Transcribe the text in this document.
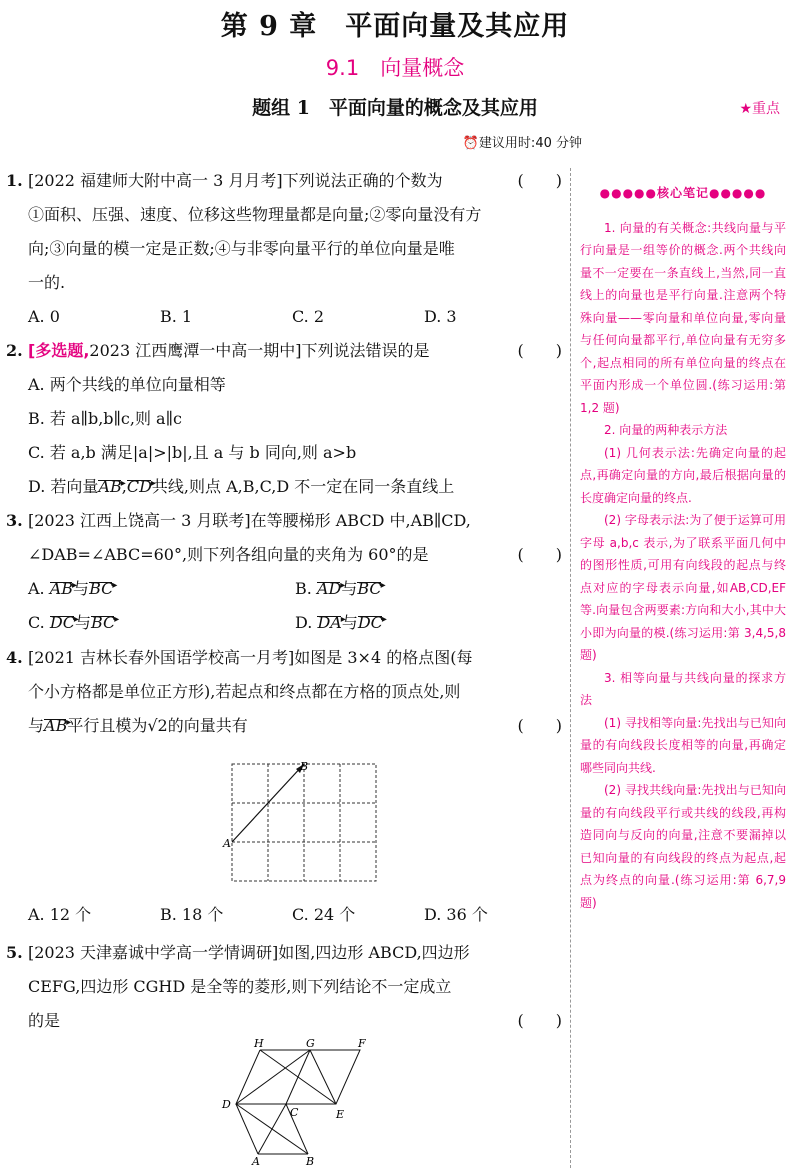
第 9 章　平面向量及其应用
9.1　向量概念
题组 1　平面向量的概念及其应用	★重点
⏰建议用时:40 分钟
1. [2022 福建师大附中高一 3 月月考]下列说法正确的个数为	(　　)
①面积、压强、速度、位移这些物理量都是向量;②零向量没有方
向;③向量的模一定是正数;④与非零向量平行的单位向量是唯
一的.
A. 0	B. 1	C. 2	D. 3
2. [多选题,2023 江西鹰潭一中高一期中]下列说法错误的是	(　　)
A. 两个共线的单位向量相等
B. 若 a∥b,b∥c,则 a∥c
C. 若 a,b 满足|a|>|b|,且 a 与 b 同向,则 a>b
D. 若向量AB ▸,CD ▸共线,则点 A,B,C,D 不一定在同一条直线上
3. [2023 江西上饶高一 3 月联考]在等腰梯形 ABCD 中,AB∥CD,
∠DAB=∠ABC=60°,则下列各组向量的夹角为 60°的是	(　　)
A. AB ▸与BC ▸	B. AD ▸与BC ▸
C. DC ▸与BC ▸	D. DA ▸与DC ▸
4. [2021 吉林长春外国语学校高一月考]如图是 3×4 的格点图(每
个小方格都是单位正方形),若起点和终点都在方格的顶点处,则
与AB ▸平行且模为√2的向量共有	(　　)
A
B
A. 12 个	B. 18 个	C. 24 个	D. 36 个
5. [2023 天津嘉诚中学高一学情调研]如图,四边形 ABCD,四边形
CEFG,四边形 CGHD 是全等的菱形,则下列结论不一定成立
的是	(　　)
H	G	F
D
C	E
A	B
●●●●●核心笔记●●●●●

1. 向量的有关概念:共线向量与平行向量是一组等价的概念.两个共线向量不一定要在一条直线上,当然,同一直线上的向量也是平行向量.注意两个特殊向量——零向量和单位向量,零向量与任何向量都平行,单位向量有无穷多个,起点相同的所有单位向量的终点在平面内形成一个单位圆.(练习运用:第 1,2 题)

2. 向量的两种表示方法

(1) 几何表示法:先确定向量的起点,再确定向量的方向,最后根据向量的长度确定向量的终点.

(2) 字母表示法:为了便于运算可用字母 a,b,c 表示,为了联系平面几何中的图形性质,可用有向线段的起点与终点对应的字母表示向量,如AB,CD,EF等.向量包含两要素:方向和大小,其中大小即为向量的模.(练习运用:第 3,4,5,8 题)

3. 相等向量与共线向量的探求方法

(1) 寻找相等向量:先找出与已知向量的有向线段长度相等的向量,再确定哪些同向共线.

(2) 寻找共线向量:先找出与已知向量的有向线段平行或共线的线段,再构造同向与反向的向量,注意不要漏掉以已知向量的有向线段的终点为起点,起点为终点的向量.(练习运用:第 6,7,9 题)
